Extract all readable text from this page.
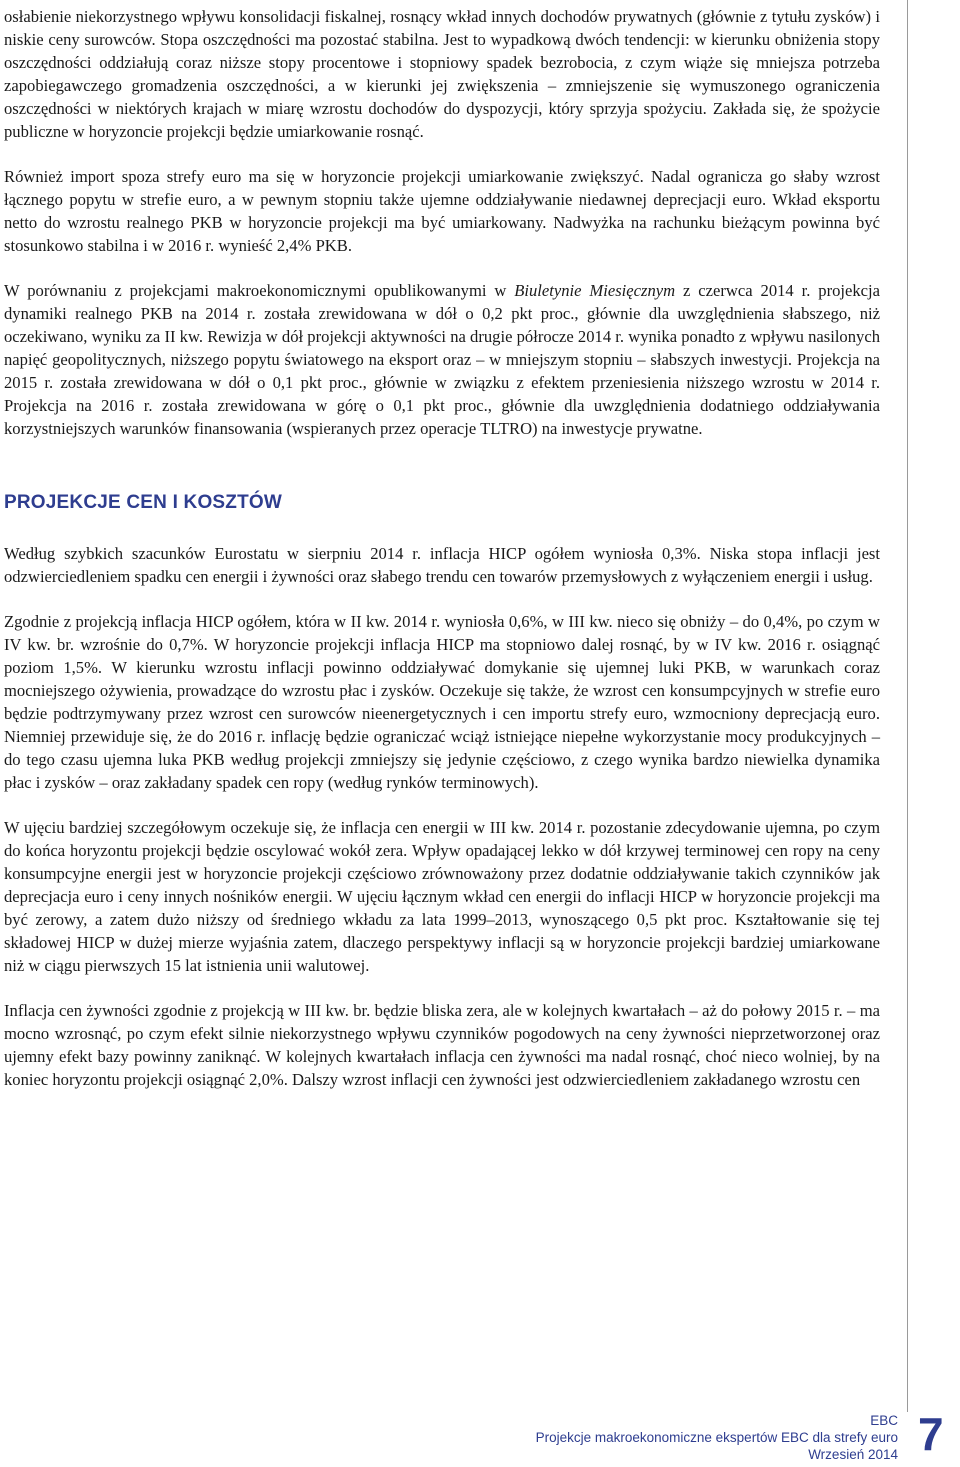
osłabienie niekorzystnego wpływu konsolidacji fiskalnej, rosnący wkład innych dochodów prywatnych (głównie z tytułu zysków) i niskie ceny surowców. Stopa oszczędności ma pozostać stabilna. Jest to wypadkową dwóch tendencji: w kierunku obniżenia stopy oszczędności oddziałują coraz niższe stopy procentowe i stopniowy spadek bezrobocia, z czym wiąże się mniejsza potrzeba zapobiegawczego gromadzenia oszczędności, a w kierunki jej zwiększenia – zmniejszenie się wymuszonego ograniczenia oszczędności w niektórych krajach w miarę wzrostu dochodów do dyspozycji, który sprzyja spożyciu. Zakłada się, że spożycie publiczne w horyzoncie projekcji będzie umiarkowanie rosnąć.

Również import spoza strefy euro ma się w horyzoncie projekcji umiarkowanie zwiększyć. Nadal ogranicza go słaby wzrost łącznego popytu w strefie euro, a w pewnym stopniu także ujemne oddziaływanie niedawnej deprecjacji euro. Wkład eksportu netto do wzrostu realnego PKB w horyzoncie projekcji ma być umiarkowany. Nadwyżka na rachunku bieżącym powinna być stosunkowo stabilna i w 2016 r. wynieść 2,4% PKB.

W porównaniu z projekcjami makroekonomicznymi opublikowanymi w Biuletynie Miesięcznym z czerwca 2014 r. projekcja dynamiki realnego PKB na 2014 r. została zrewidowana w dół o 0,2 pkt proc., głównie dla uwzględnienia słabszego, niż oczekiwano, wyniku za II kw. Rewizja w dół projekcji aktywności na drugie półrocze 2014 r. wynika ponadto z wpływu nasilonych napięć geopolitycznych, niższego popytu światowego na eksport oraz – w mniejszym stopniu – słabszych inwestycji. Projekcja na 2015 r. została zrewidowana w dół o 0,1 pkt proc., głównie w związku z efektem przeniesienia niższego wzrostu w 2014 r. Projekcja na 2016 r. została zrewidowana w górę o 0,1 pkt proc., głównie dla uwzględnienia dodatniego oddziaływania korzystniejszych warunków finansowania (wspieranych przez operacje TLTRO) na inwestycje prywatne.

PROJEKCJE CEN I KOSZTÓW

Według szybkich szacunków Eurostatu w sierpniu 2014 r. inflacja HICP ogółem wyniosła 0,3%. Niska stopa inflacji jest odzwierciedleniem spadku cen energii i żywności oraz słabego trendu cen towarów przemysłowych z wyłączeniem energii i usług.

Zgodnie z projekcją inflacja HICP ogółem, która w II kw. 2014 r. wyniosła 0,6%, w III kw. nieco się obniży – do 0,4%, po czym w IV kw. br. wzrośnie do 0,7%. W horyzoncie projekcji inflacja HICP ma stopniowo dalej rosnąć, by w IV kw. 2016 r. osiągnąć poziom 1,5%. W kierunku wzrostu inflacji powinno oddziaływać domykanie się ujemnej luki PKB, w warunkach coraz mocniejszego ożywienia, prowadzące do wzrostu płac i zysków. Oczekuje się także, że wzrost cen konsumpcyjnych w strefie euro będzie podtrzymywany przez wzrost cen surowców nieenergetycznych i cen importu strefy euro, wzmocniony deprecjacją euro. Niemniej przewiduje się, że do 2016 r. inflację będzie ograniczać wciąż istniejące niepełne wykorzystanie mocy produkcyjnych – do tego czasu ujemna luka PKB według projekcji zmniejszy się jedynie częściowo, z czego wynika bardzo niewielka dynamika płac i zysków – oraz zakładany spadek cen ropy (według rynków terminowych).

W ujęciu bardziej szczegółowym oczekuje się, że inflacja cen energii w III kw. 2014 r. pozostanie zdecydowanie ujemna, po czym do końca horyzontu projekcji będzie oscylować wokół zera. Wpływ opadającej lekko w dół krzywej terminowej cen ropy na ceny konsumpcyjne energii jest w horyzoncie projekcji częściowo zrównoważony przez dodatnie oddziaływanie takich czynników jak deprecjacja euro i ceny innych nośników energii. W ujęciu łącznym wkład cen energii do inflacji HICP w horyzoncie projekcji ma być zerowy, a zatem dużo niższy od średniego wkładu za lata 1999–2013, wynoszącego 0,5 pkt proc. Kształtowanie się tej składowej HICP w dużej mierze wyjaśnia zatem, dlaczego perspektywy inflacji są w horyzoncie projekcji bardziej umiarkowane niż w ciągu pierwszych 15 lat istnienia unii walutowej.

Inflacja cen żywności zgodnie z projekcją w III kw. br. będzie bliska zera, ale w kolejnych kwartałach – aż do połowy 2015 r. – ma mocno wzrosnąć, po czym efekt silnie niekorzystnego wpływu czynników pogodowych na ceny żywności nieprzetworzonej oraz ujemny efekt bazy powinny zaniknąć. W kolejnych kwartałach inflacja cen żywności ma nadal rosnąć, choć nieco wolniej, by na koniec horyzontu projekcji osiągnąć 2,0%. Dalszy wzrost inflacji cen żywności jest odzwierciedleniem zakładanego wzrostu cen

EBC
Projekcje makroekonomiczne ekspertów EBC dla strefy euro
Wrzesień 2014 7
